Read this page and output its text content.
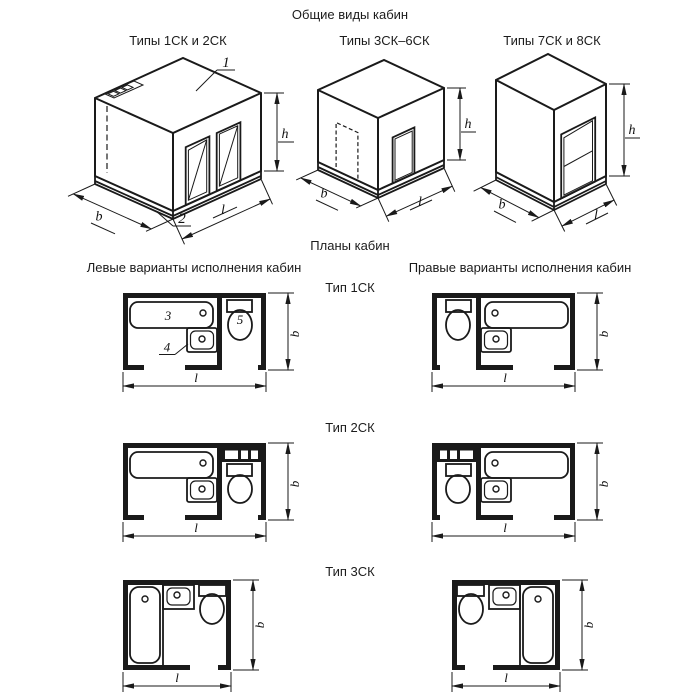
Общие виды кабин
Типы 1СК и 2СК	Типы 3СК–6СК	Типы 7СК и 8СК
h
b	l
1
2
h
b
l
h
b
l
Планы кабин
Левые варианты исполнения кабин	Правые варианты исполнения кабин
Тип 1СК
3
4
5
b
l
b
l
Тип 2СК
b
l
b
l
Тип 3СК
b
l
b
l
